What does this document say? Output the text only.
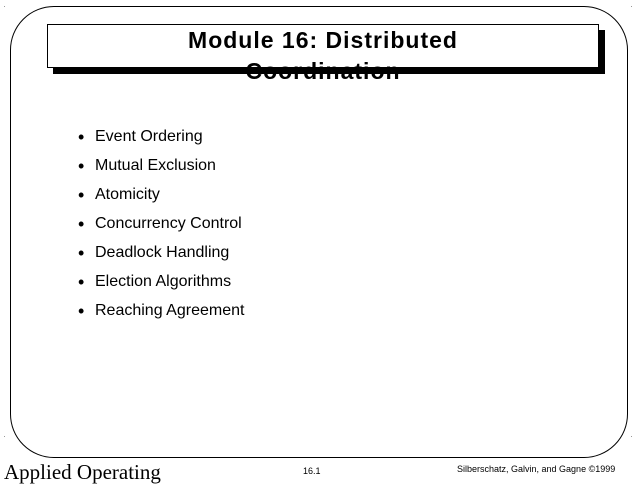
Module 16: Distributed
Coordination
• Event Ordering
• Mutual Exclusion
• Atomicity
• Concurrency Control
• Deadlock Handling
• Election Algorithms
• Reaching Agreement
Applied Operating	16.1	Silberschatz, Galvin, and Gagne ©1999
